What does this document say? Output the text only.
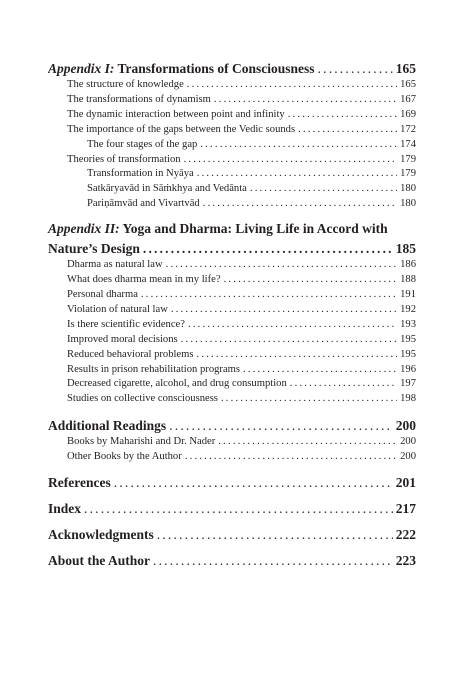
Appendix I: Transformations of Consciousness .....	165
The structure of knowledge .....	165
The transformations of dynamism .....	167
The dynamic interaction between point and infinity .....	169
The importance of the gaps between the Vedic sounds .....	172
The four stages of the gap .....	174
Theories of transformation .....	179
Transformation in Nyāya .....	179
Satkāryavād in Sāṁkhya and Vedānta .....	180
Pariṇāmvād and Vivartvād .....	180
Appendix II: Yoga and Dharma: Living Life in Accord with
Nature’s Design .....	185
Dharma as natural law .....	186
What does dharma mean in my life? .....	188
Personal dharma .....	191
Violation of natural law .....	192
Is there scientific evidence? .....	193
Improved moral decisions .....	195
Reduced behavioral problems .....	195
Results in prison rehabilitation programs .....	196
Decreased cigarette, alcohol, and drug consumption .....	197
Studies on collective consciousness .....	198
Additional Readings .....	200
Books by Maharishi and Dr. Nader .....	200
Other Books by the Author .....	200
References .....	201
Index .....	217
Acknowledgments .....	222
About the Author .....	223
